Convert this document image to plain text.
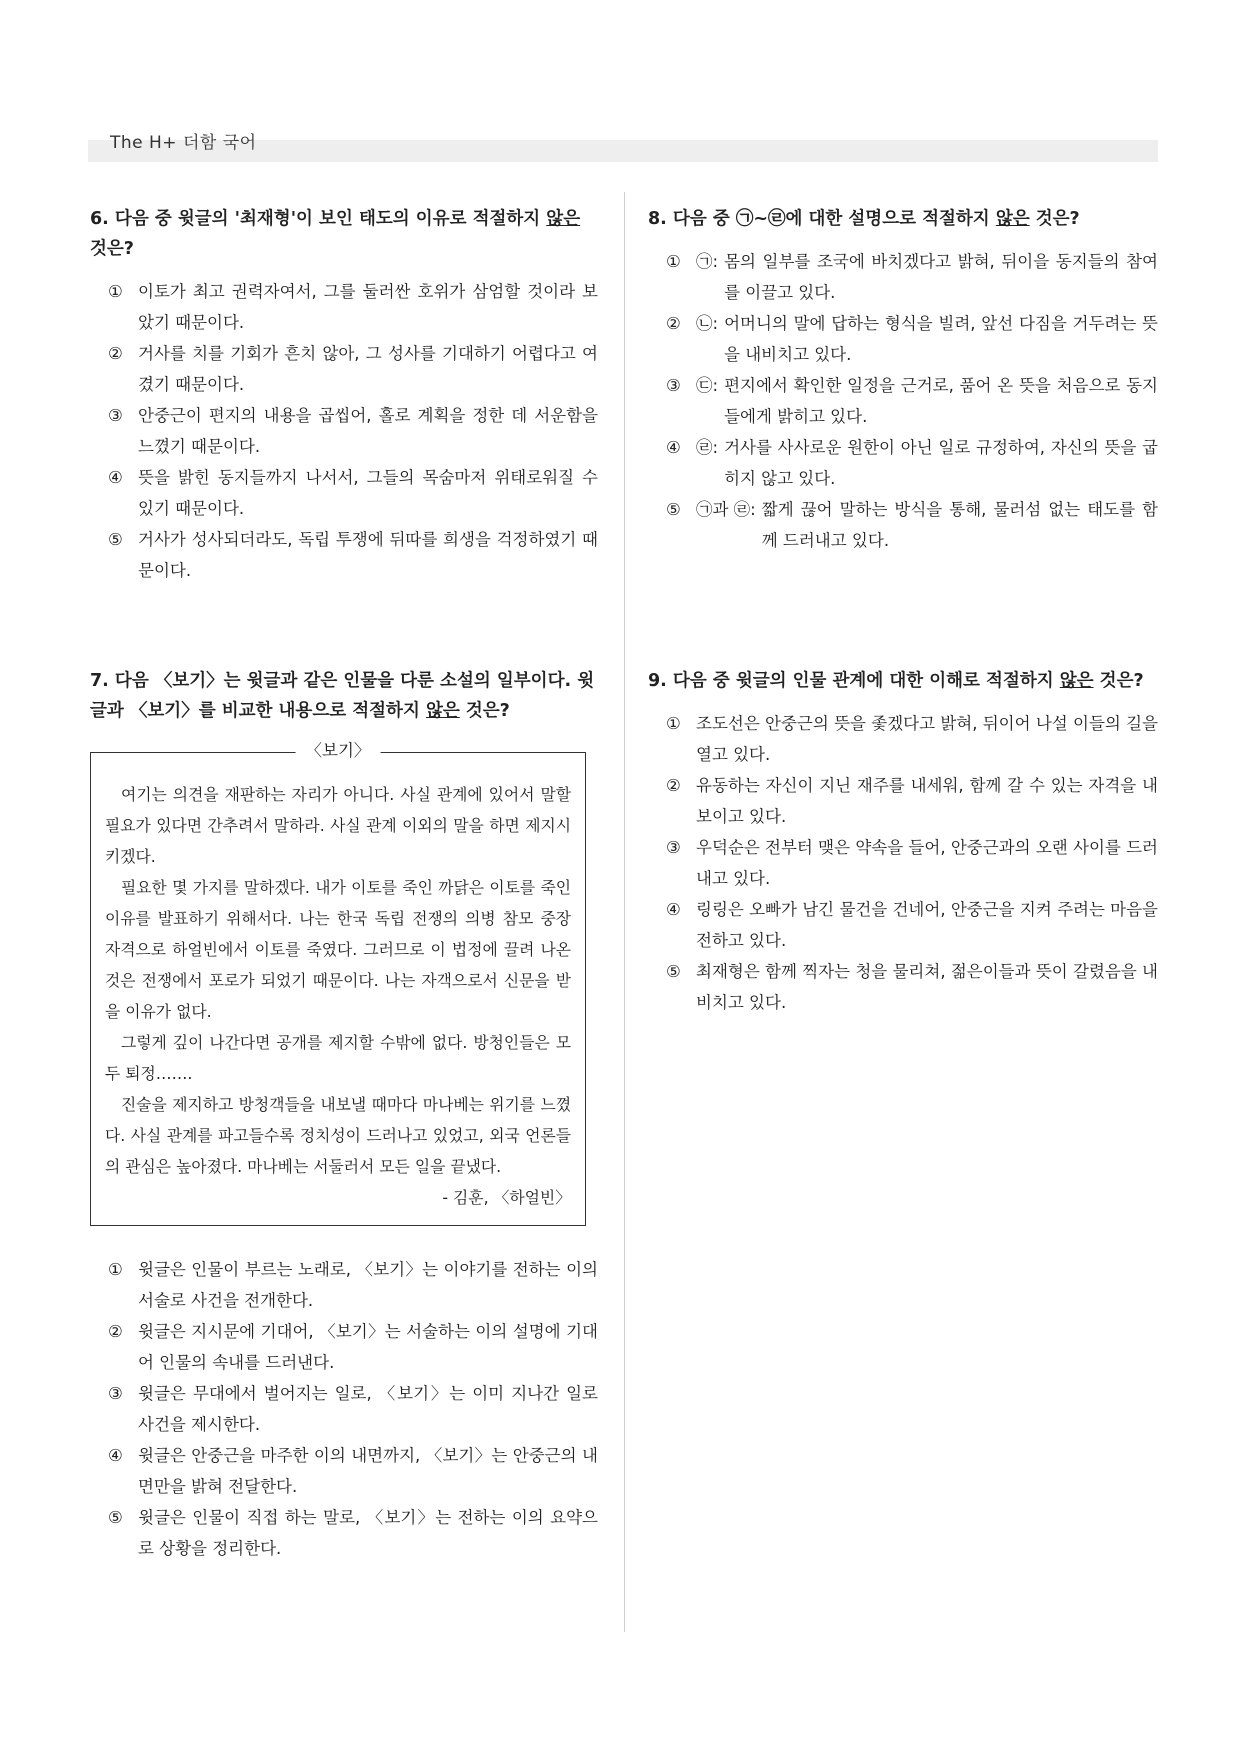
The H+ 더함 국어

6. 다음 중 윗글의 '최재형'이 보인 태도의 이유로 적절하지 않은 것은?

① 이토가 최고 권력자여서, 그를 둘러싼 호위가 삼엄할 것이라 보았기 때문이다.
② 거사를 치를 기회가 흔치 않아, 그 성사를 기대하기 어렵다고 여겼기 때문이다.
③ 안중근이 편지의 내용을 곱씹어, 홀로 계획을 정한 데 서운함을 느꼈기 때문이다.
④ 뜻을 밝힌 동지들까지 나서서, 그들의 목숨마저 위태로워질 수 있기 때문이다.
⑤ 거사가 성사되더라도, 독립 투쟁에 뒤따를 희생을 걱정하였기 때문이다.

8. 다음 중 ㉠~㉣에 대한 설명으로 적절하지 않은 것은?

① ㉠: 몸의 일부를 조국에 바치겠다고 밝혀, 뒤이을 동지들의 참여를 이끌고 있다.
② ㉡: 어머니의 말에 답하는 형식을 빌려, 앞선 다짐을 거두려는 뜻을 내비치고 있다.
③ ㉢: 편지에서 확인한 일정을 근거로, 품어 온 뜻을 처음으로 동지들에게 밝히고 있다.
④ ㉣: 거사를 사사로운 원한이 아닌 일로 규정하여, 자신의 뜻을 굽히지 않고 있다.
⑤ ㉠과 ㉣: 짧게 끊어 말하는 방식을 통해, 물러섬 없는 태도를 함께 드러내고 있다.

7. 다음 〈보기〉는 윗글과 같은 인물을 다룬 소설의 일부이다. 윗글과 〈보기〉를 비교한 내용으로 적절하지 않은 것은?

〈보기〉

여기는 의견을 재판하는 자리가 아니다. 사실 관계에 있어서 말할 필요가 있다면 간추려서 말하라. 사실 관계 이외의 말을 하면 제지시키겠다.

필요한 몇 가지를 말하겠다. 내가 이토를 죽인 까닭은 이토를 죽인 이유를 발표하기 위해서다. 나는 한국 독립 전쟁의 의병 참모 중장 자격으로 하얼빈에서 이토를 죽였다. 그러므로 이 법정에 끌려 나온 것은 전쟁에서 포로가 되었기 때문이다. 나는 자객으로서 신문을 받을 이유가 없다.

그렇게 깊이 나간다면 공개를 제지할 수밖에 없다. 방청인들은 모두 퇴정…….

진술을 제지하고 방청객들을 내보낼 때마다 마나베는 위기를 느꼈다. 사실 관계를 파고들수록 정치성이 드러나고 있었고, 외국 언론들의 관심은 높아졌다. 마나베는 서둘러서 모든 일을 끝냈다.

- 김훈, 〈하얼빈〉

① 윗글은 인물이 부르는 노래로, 〈보기〉는 이야기를 전하는 이의 서술로 사건을 전개한다.
② 윗글은 지시문에 기대어, 〈보기〉는 서술하는 이의 설명에 기대어 인물의 속내를 드러낸다.
③ 윗글은 무대에서 벌어지는 일로, 〈보기〉는 이미 지나간 일로 사건을 제시한다.
④ 윗글은 안중근을 마주한 이의 내면까지, 〈보기〉는 안중근의 내면만을 밝혀 전달한다.
⑤ 윗글은 인물이 직접 하는 말로, 〈보기〉는 전하는 이의 요약으로 상황을 정리한다.

9. 다음 중 윗글의 인물 관계에 대한 이해로 적절하지 않은 것은?

① 조도선은 안중근의 뜻을 좇겠다고 밝혀, 뒤이어 나설 이들의 길을 열고 있다.
② 유동하는 자신이 지닌 재주를 내세워, 함께 갈 수 있는 자격을 내보이고 있다.
③ 우덕순은 전부터 맺은 약속을 들어, 안중근과의 오랜 사이를 드러내고 있다.
④ 링링은 오빠가 남긴 물건을 건네어, 안중근을 지켜 주려는 마음을 전하고 있다.
⑤ 최재형은 함께 찍자는 청을 물리쳐, 젊은이들과 뜻이 갈렸음을 내비치고 있다.
